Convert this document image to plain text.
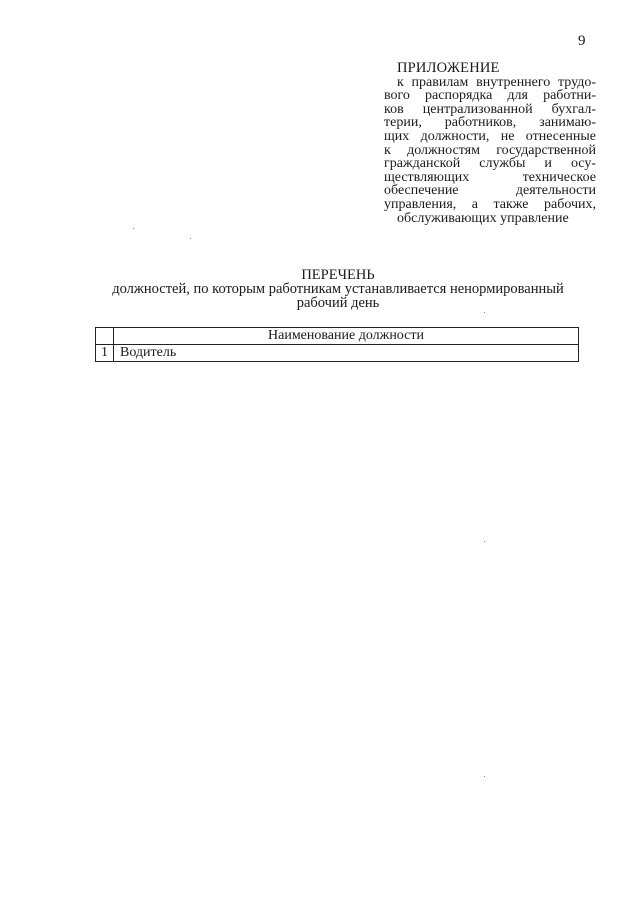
9
ПРИЛОЖЕНИЕ
к правилам внутреннего трудо-
вого распорядка для работни-
ков централизованной бухгал-
терии, работников, занимаю-
щих должности, не отнесенные
к должностям государственной
гражданской службы и осу-
ществляющих техническое
обеспечение деятельности
управления, а также рабочих,
обслуживающих управление
ПЕРЕЧЕНЬ
должностей, по которым работникам устанавливается ненормированный
рабочий день
	Наименование должности
1	Водитель
